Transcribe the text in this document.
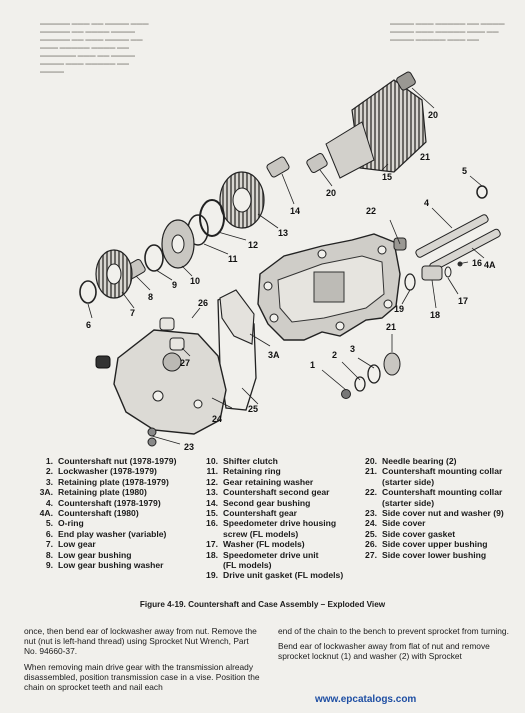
▬▬▬▬▬ ▬▬▬ ▬▬ ▬▬▬▬ ▬▬▬ ▬▬▬▬▬ ▬▬ ▬▬▬▬ ▬▬▬▬ ▬▬▬▬▬ ▬▬ ▬▬▬ ▬▬▬▬ ▬▬ ▬▬▬ ▬▬▬▬▬ ▬▬▬▬ ▬▬ ▬▬▬▬▬▬ ▬▬▬ ▬▬ ▬▬▬▬ ▬▬▬▬ ▬▬▬ ▬▬▬▬▬ ▬▬ ▬▬▬▬
▬▬▬▬ ▬▬▬ ▬▬▬▬▬ ▬▬ ▬▬▬▬ ▬▬▬▬ ▬▬▬ ▬▬▬▬▬ ▬▬▬ ▬▬ ▬▬▬▬ ▬▬▬▬▬ ▬▬▬ ▬▬
1
2
3
3A
4
4A
5
6
7
8
9 10
11
12
13
14
15
16
17
18
19
20
20
21
21
22
23
24
25
26
27
1. Countershaft nut (1978-1979)
2. Lockwasher (1978-1979)
3. Retaining plate (1978-1979)
3A. Retaining plate (1980)
4. Countershaft (1978-1979)
4A. Countershaft (1980)
5. O-ring
6. End play washer (variable)
7. Low gear
8. Low gear bushing
9. Low gear bushing washer
10. Shifter clutch
11. Retaining ring
12. Gear retaining washer
13. Countershaft second gear
14. Second gear bushing
15. Countershaft gear
16. Speedometer drive housing
screw (FL models)
17. Washer (FL models)
18. Speedometer drive unit
(FL models)
19. Drive unit gasket (FL models)
20. Needle bearing (2)
21. Countershaft mounting collar
(starter side)
22. Countershaft mounting collar
(starter side)
23. Side cover nut and washer (9)
24. Side cover
25. Side cover gasket
26. Side cover upper bushing
27. Side cover lower bushing
Figure 4-19. Countershaft and Case Assembly – Exploded View

once, then bend ear of lockwasher away from nut. Remove the nut (nut is left-hand thread) using Sprocket Nut Wrench, Part No. 94660-37.

When removing main drive gear with the transmission already disassembled, position transmission case in a vise. Position the chain on sprocket teeth and nail each

end of the chain to the bench to prevent sprocket from turning.

Bend ear of lockwasher away from flat of nut and remove sprocket locknut (1) and washer (2) with Sprocket

www.epcatalogs.com
